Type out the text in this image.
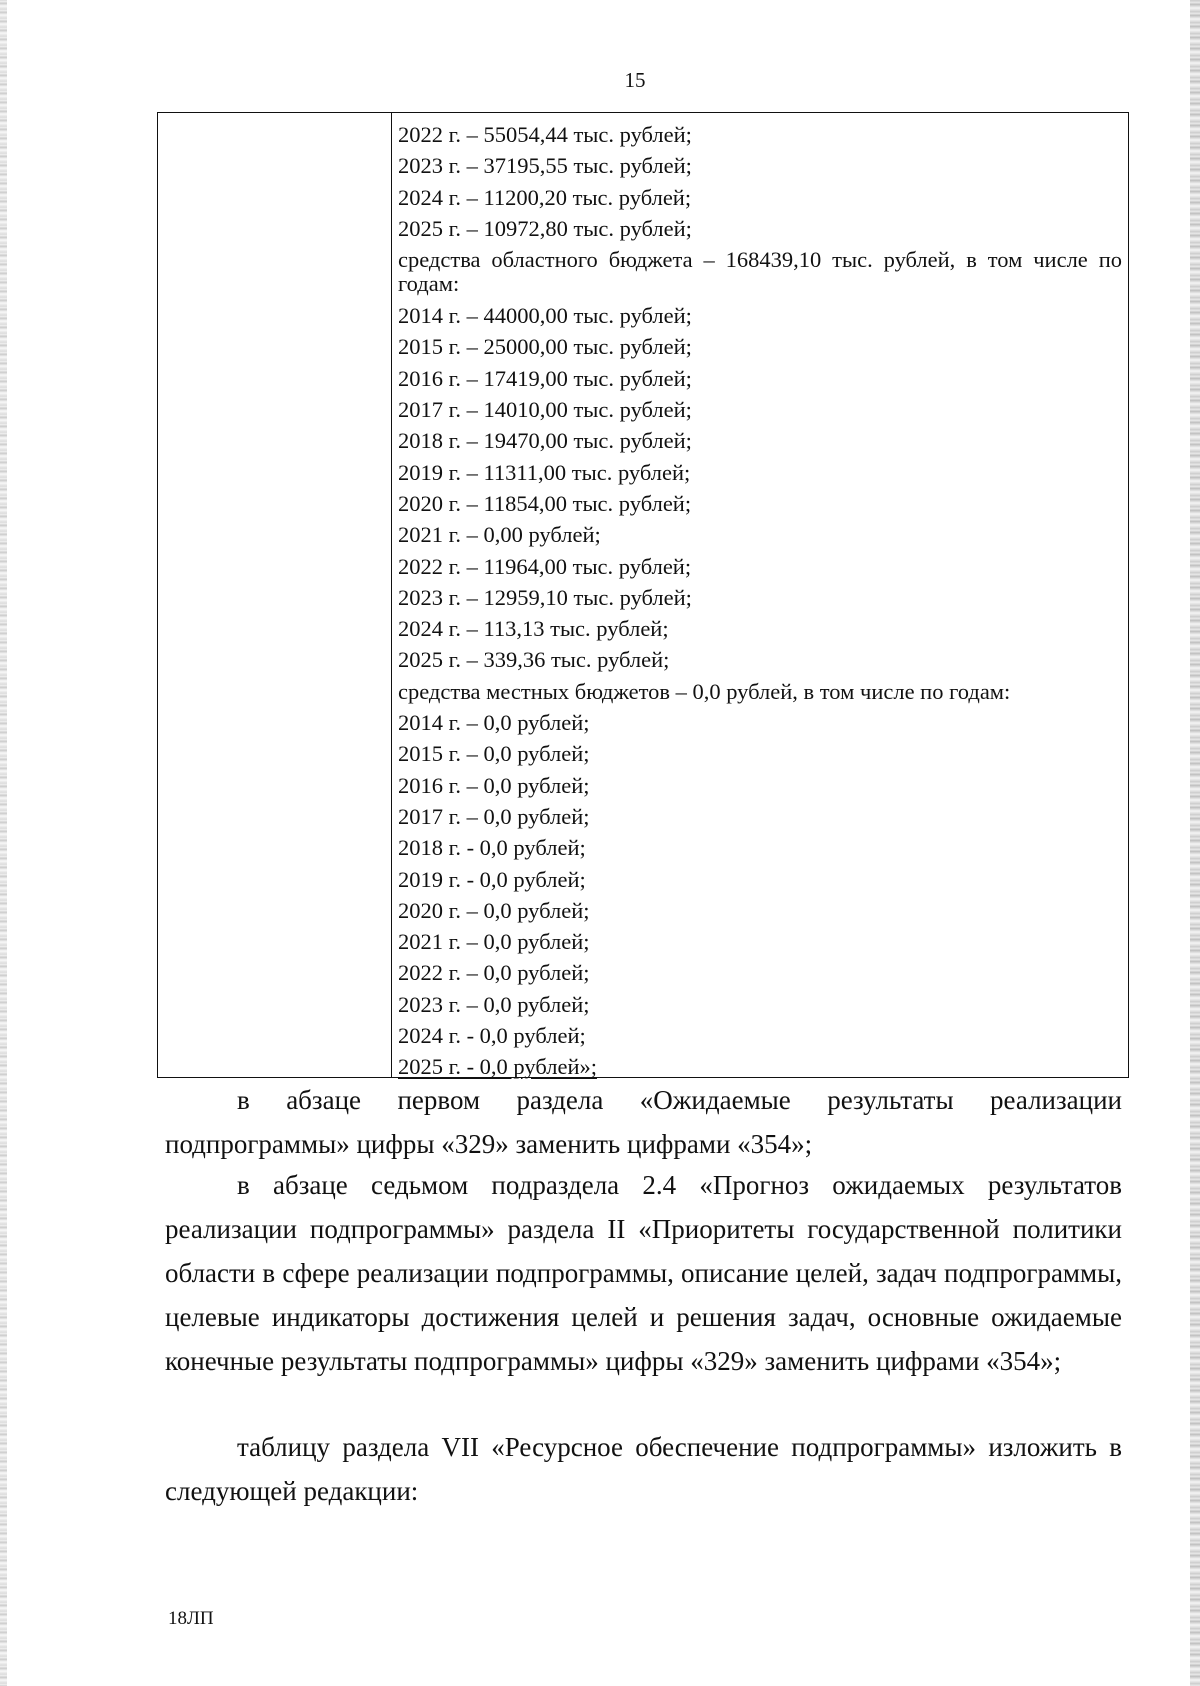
15
2022 г. – 55054,44 тыс. рублей;
2023 г. – 37195,55 тыс. рублей;
2024 г. – 11200,20 тыс. рублей;
2025 г. – 10972,80 тыс. рублей;
средства областного бюджета – 168439,10 тыс. рублей, в том числе по годам:
2014 г. – 44000,00 тыс. рублей;
2015 г. – 25000,00 тыс. рублей;
2016 г. – 17419,00 тыс. рублей;
2017 г. – 14010,00 тыс. рублей;
2018 г. – 19470,00 тыс. рублей;
2019 г. – 11311,00 тыс. рублей;
2020 г. – 11854,00 тыс. рублей;
2021 г. – 0,00 рублей;
2022 г. – 11964,00 тыс. рублей;
2023 г. – 12959,10 тыс. рублей;
2024 г. – 113,13 тыс. рублей;
2025 г. – 339,36 тыс. рублей;
средства местных бюджетов – 0,0 рублей, в том числе по годам:
2014 г. – 0,0 рублей;
2015 г. – 0,0 рублей;
2016 г. – 0,0 рублей;
2017 г. – 0,0 рублей;
2018 г. - 0,0 рублей;
2019 г. - 0,0 рублей;
2020 г. – 0,0 рублей;
2021 г. – 0,0 рублей;
2022 г. – 0,0 рублей;
2023 г. – 0,0 рублей;
2024 г. - 0,0 рублей;
2025 г. - 0,0 рублей»;

в абзаце первом раздела «Ожидаемые результаты реализации подпрограммы» цифры «329» заменить цифрами «354»;

в абзаце седьмом подраздела 2.4 «Прогноз ожидаемых результатов реализации подпрограммы» раздела II «Приоритеты государственной политики области в сфере реализации подпрограммы, описание целей, задач подпрограммы, целевые индикаторы достижения целей и решения задач, основные ожидаемые конечные результаты подпрограммы» цифры «329» заменить цифрами «354»;

таблицу раздела VII «Ресурсное обеспечение подпрограммы» изложить в следующей редакции:

18ЛП
